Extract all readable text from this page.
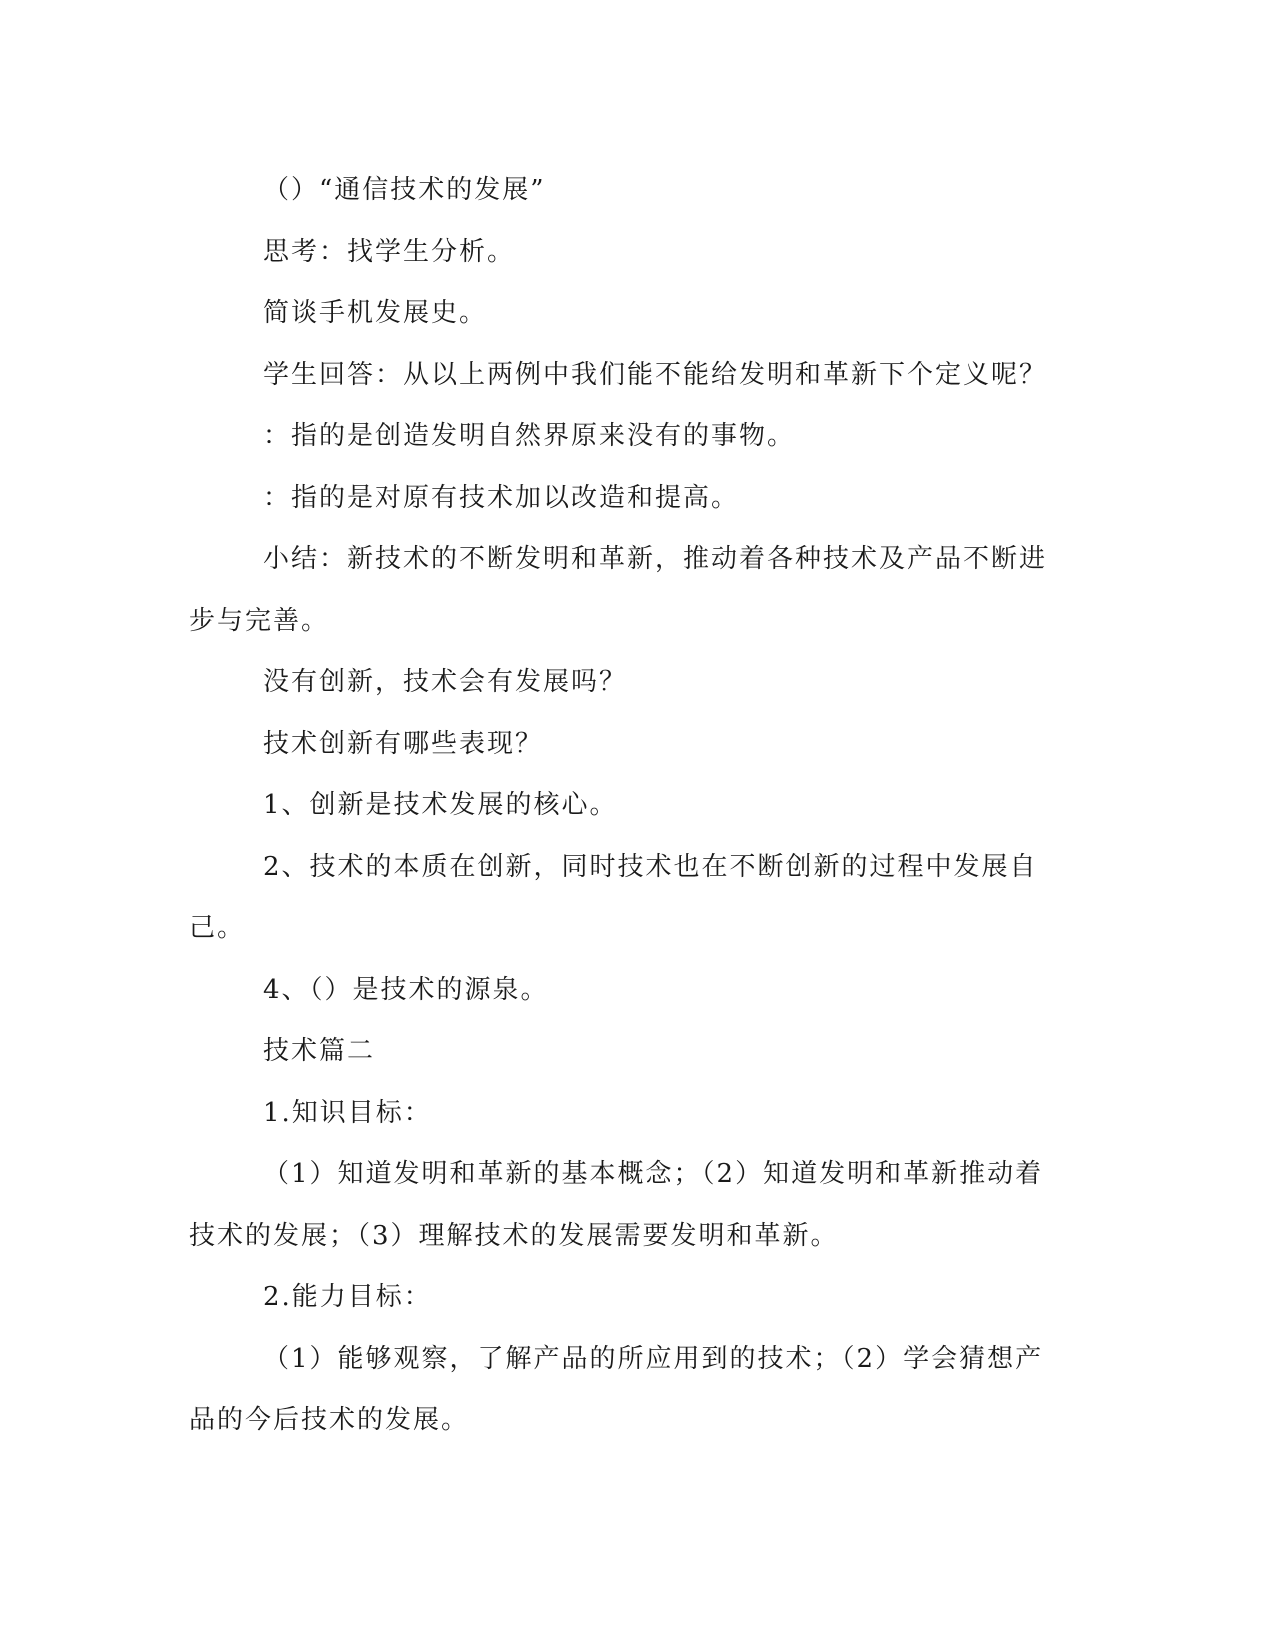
（）“通信技术的发展”

思考：找学生分析。

简谈手机发展史。

学生回答：从以上两例中我们能不能给发明和革新下个定义呢？

：指的是创造发明自然界原来没有的事物。

：指的是对原有技术加以改造和提高。

小结：新技术的不断发明和革新，推动着各种技术及产品不断进步与完善。

没有创新，技术会有发展吗？

技术创新有哪些表现？

1、创新是技术发展的核心。

2、技术的本质在创新，同时技术也在不断创新的过程中发展自己。

4、（）是技术的源泉。

技术篇二

1.知识目标：

（1）知道发明和革新的基本概念；（2）知道发明和革新推动着技术的发展；（3）理解技术的发展需要发明和革新。

2.能力目标：

（1）能够观察，了解产品的所应用到的技术；（2）学会猜想产品的今后技术的发展。
